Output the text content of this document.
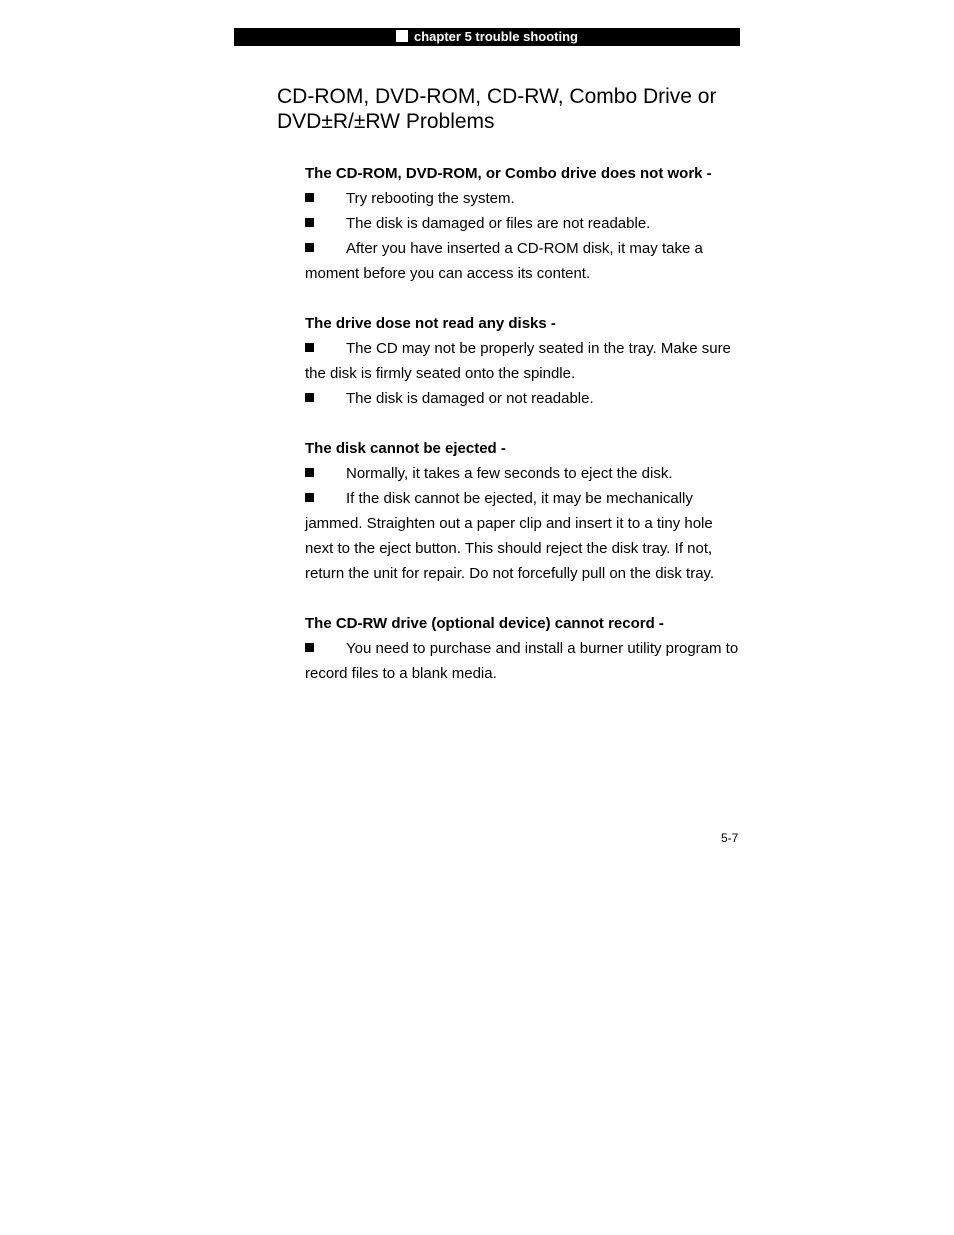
chapter 5 trouble shooting
CD-ROM, DVD-ROM, CD-RW, Combo Drive or
DVD±R/±RW Problems

The CD-ROM, DVD-ROM, or Combo drive does not work -

Try rebooting the system.

The disk is damaged or files are not readable.

After you have inserted a CD-ROM disk, it may take a moment before you can access its content.

The drive dose not read any disks -

The CD may not be properly seated in the tray. Make sure the disk is firmly seated onto the spindle.

The disk is damaged or not readable.

The disk cannot be ejected -

Normally, it takes a few seconds to eject the disk.

If the disk cannot be ejected, it may be mechanically jammed. Straighten out a paper clip and insert it to a tiny hole next to the eject button. This should reject the disk tray. If not, return the unit for repair. Do not forcefully pull on the disk tray.

The CD-RW drive (optional device) cannot record -

You need to purchase and install a burner utility program to record files to a blank media.

5-7
